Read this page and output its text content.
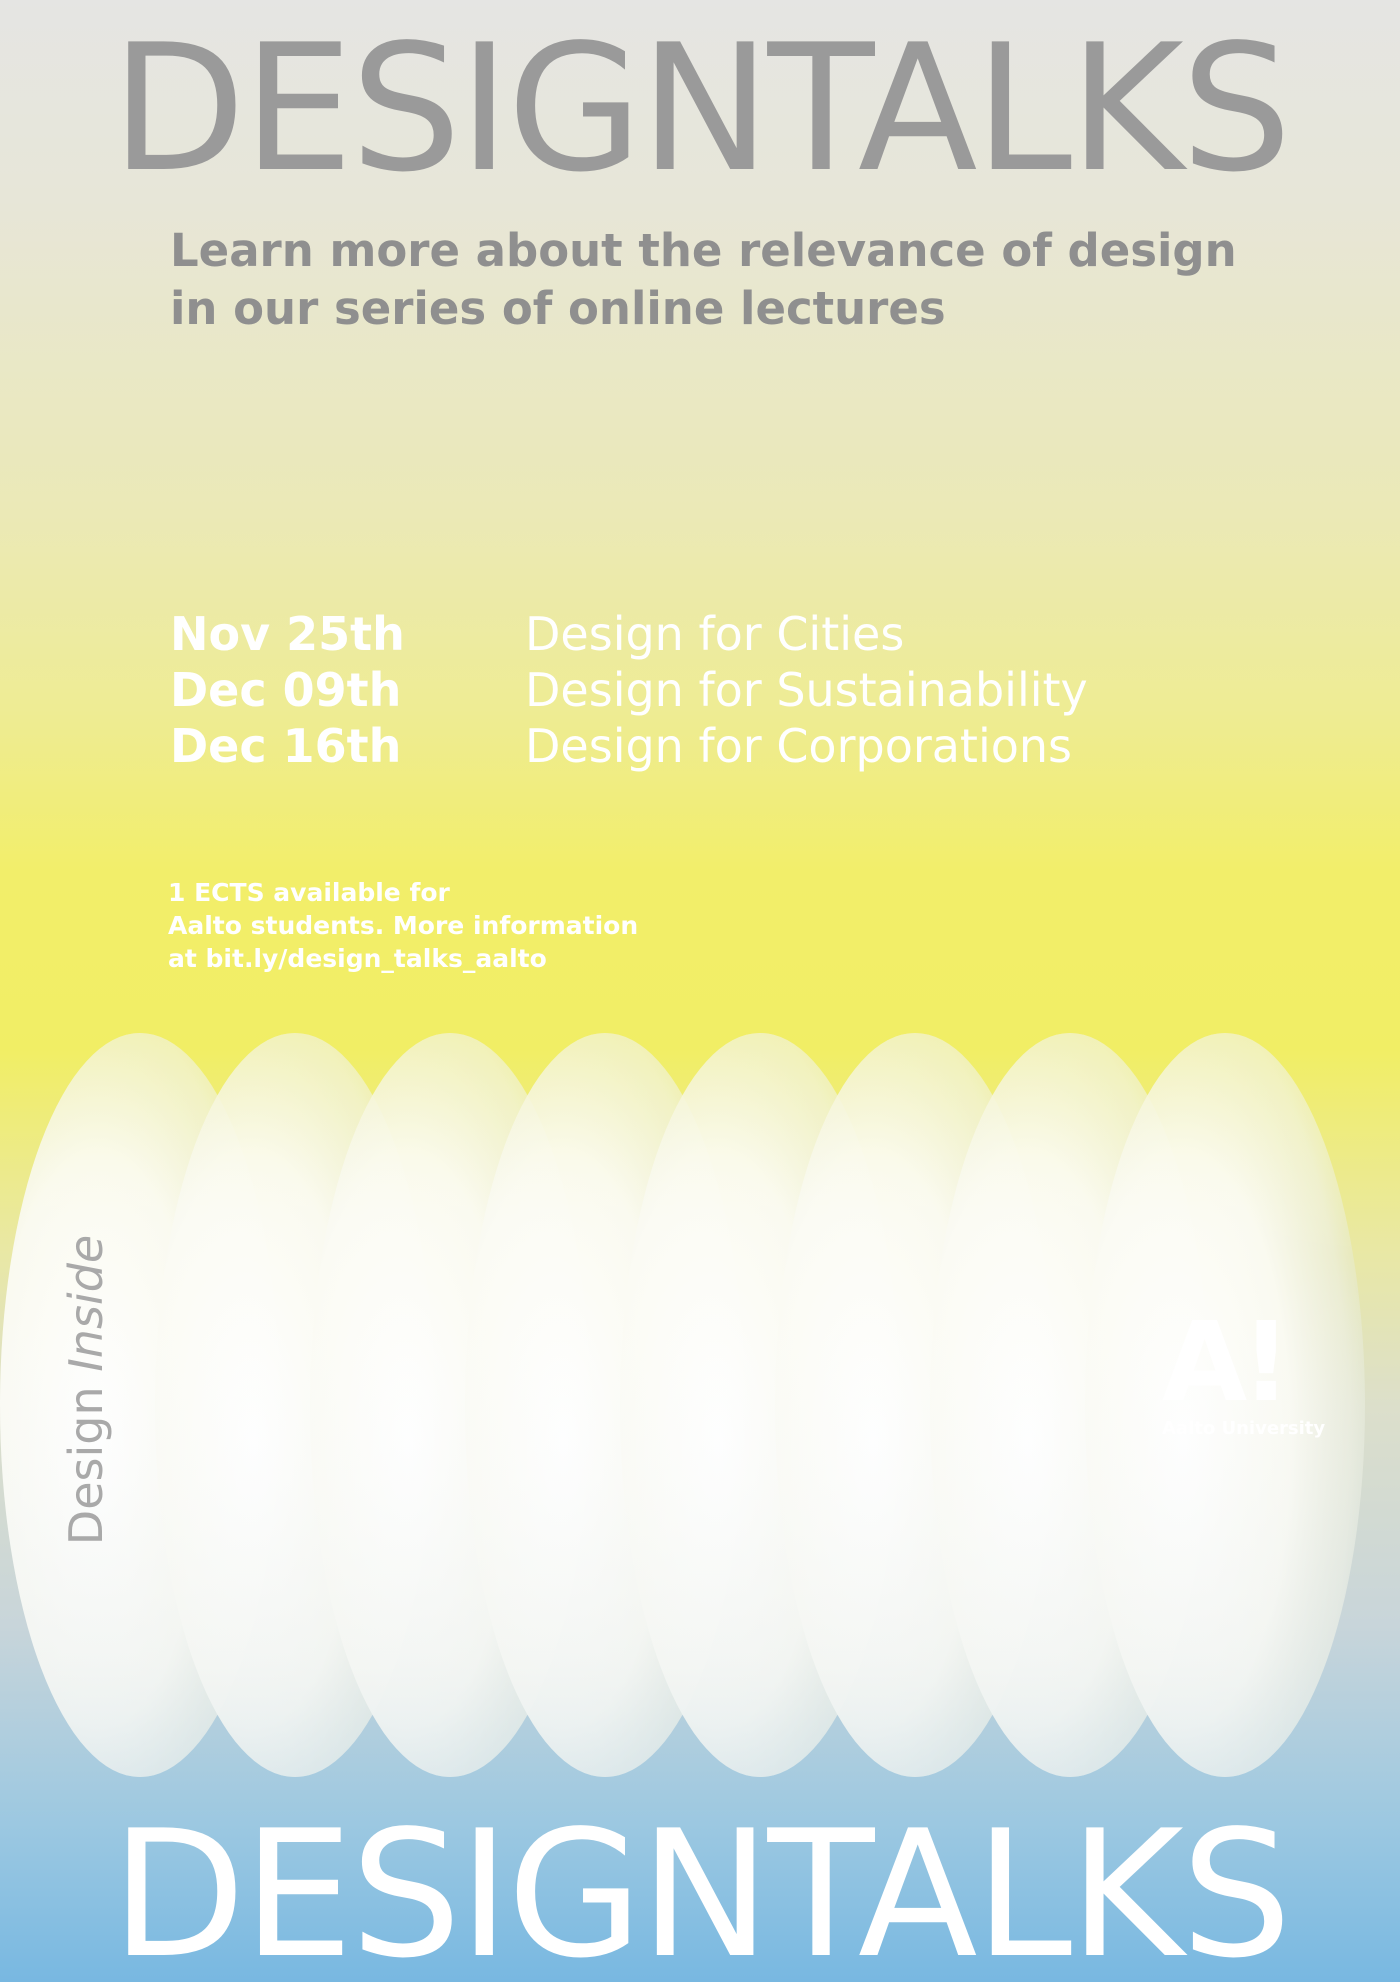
DESIGNTALKS

Learn more about the relevance of design
in our series of online lectures

Nov 25th	Design for Cities
Dec 09th	Design for Sustainability
Dec 16th	Design for Corporations
1 ECTS available for
Aalto students. More information
at bit.ly/design_talks_aalto
Design Inside	A!
Aalto University
DESIGNTALKS
